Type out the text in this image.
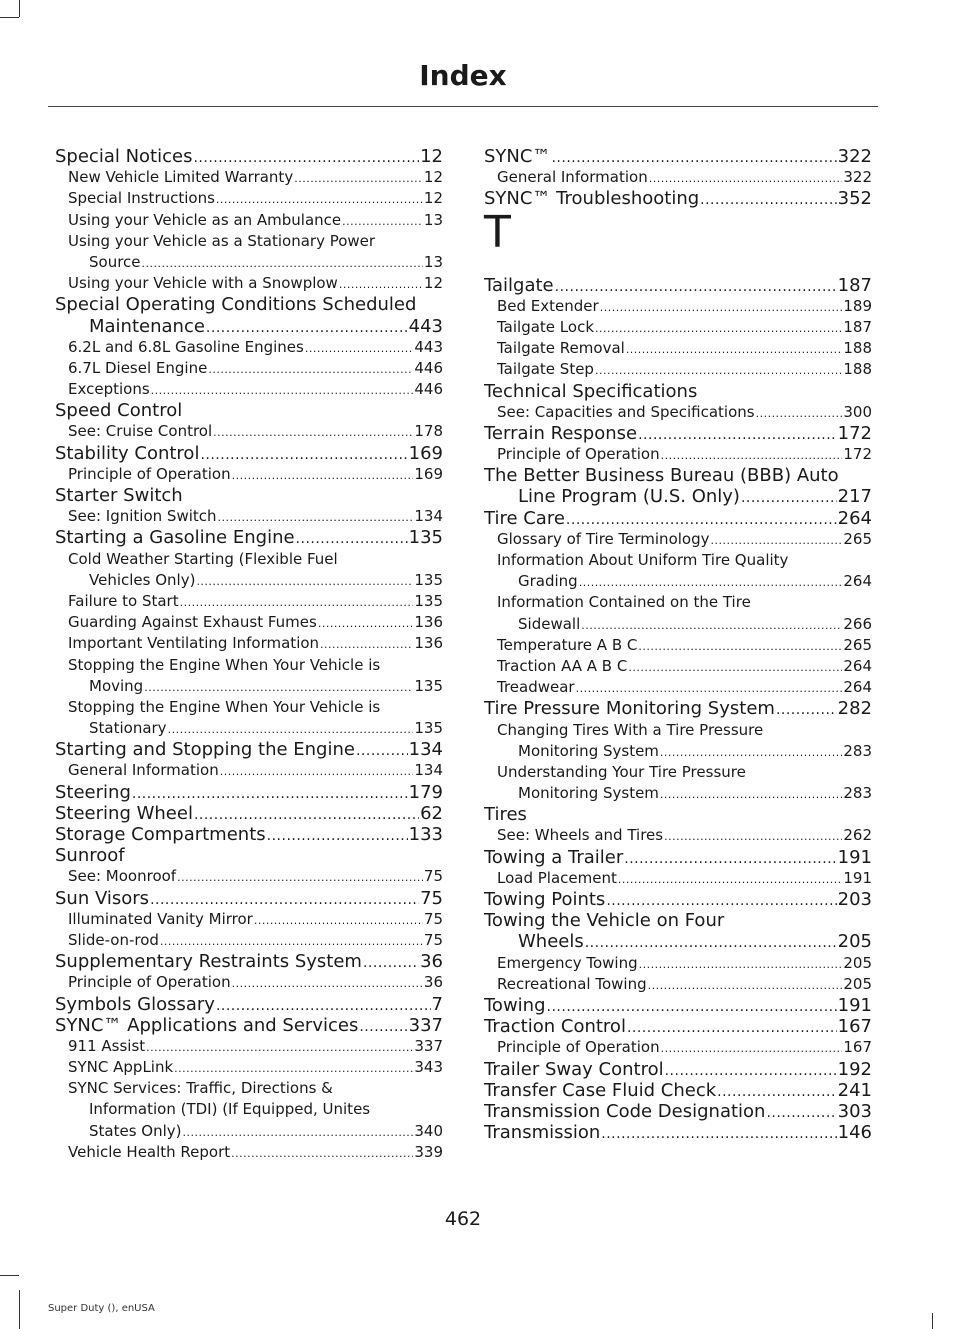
Index
Special Notices .....	12
New Vehicle Limited Warranty .....	12
Special Instructions .....	12
Using your Vehicle as an Ambulance .....	13
Using your Vehicle as a Stationary Power
Source .....	13
Using your Vehicle with a Snowplow .....	12
Special Operating Conditions Scheduled
Maintenance .....	443
6.2L and 6.8L Gasoline Engines .....	443
6.7L Diesel Engine .....	446
Exceptions .....	446
Speed Control
See: Cruise Control .....	178
Stability Control .....	169
Principle of Operation .....	169
Starter Switch
See: Ignition Switch .....	134
Starting a Gasoline Engine .....	135
Cold Weather Starting (Flexible Fuel
Vehicles Only) .....	135
Failure to Start .....	135
Guarding Against Exhaust Fumes .....	136
Important Ventilating Information .....	136
Stopping the Engine When Your Vehicle is
Moving .....	135
Stopping the Engine When Your Vehicle is
Stationary .....	135
Starting and Stopping the Engine .....	134
General Information .....	134
Steering .....	179
Steering Wheel .....	62
Storage Compartments .....	133
Sunroof
See: Moonroof .....	75
Sun Visors .....	75
Illuminated Vanity Mirror .....	75
Slide-on-rod .....	75
Supplementary Restraints System .....	36
Principle of Operation .....	36
Symbols Glossary .....	7
SYNC™ Applications and Services .....	337
911 Assist .....	337
SYNC AppLink .....	343
SYNC Services: Traffic, Directions &
Information (TDI) (If Equipped, Unites
States Only) .....	340
Vehicle Health Report .....	339
SYNC™ .....	322
General Information .....	322
SYNC™ Troubleshooting .....	352
T
Tailgate .....	187
Bed Extender .....	189
Tailgate Lock .....	187
Tailgate Removal .....	188
Tailgate Step .....	188
Technical Specifications
See: Capacities and Specifications .....	300
Terrain Response .....	172
Principle of Operation .....	172
The Better Business Bureau (BBB) Auto
Line Program (U.S. Only) .....	217
Tire Care .....	264
Glossary of Tire Terminology .....	265
Information About Uniform Tire Quality
Grading .....	264
Information Contained on the Tire
Sidewall .....	266
Temperature A B C .....	265
Traction AA A B C .....	264
Treadwear .....	264
Tire Pressure Monitoring System .....	282
Changing Tires With a Tire Pressure
Monitoring System .....	283
Understanding Your Tire Pressure
Monitoring System .....	283
Tires
See: Wheels and Tires .....	262
Towing a Trailer .....	191
Load Placement .....	191
Towing Points .....	203
Towing the Vehicle on Four
Wheels .....	205
Emergency Towing .....	205
Recreational Towing .....	205
Towing .....	191
Traction Control .....	167
Principle of Operation .....	167
Trailer Sway Control .....	192
Transfer Case Fluid Check .....	241
Transmission Code Designation .....	303
Transmission .....	146
462
Super Duty (), enUSA
